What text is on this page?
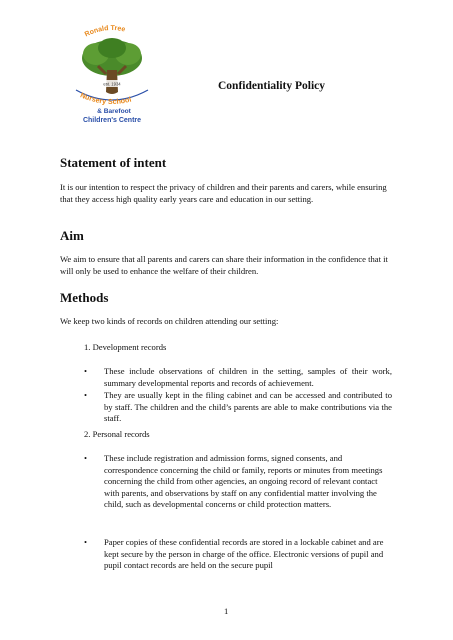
Ronald Tree
est. 1934
Nursery School
& Barefoot
Children's Centre
Confidentiality Policy
Statement of intent

It is our intention to respect the privacy of children and their parents and carers, while ensuring that they access high quality early years care and education in our setting.

Aim

We aim to ensure that all parents and carers can share their information in the confidence that it will only be used to enhance the welfare of their children.

Methods

We keep two kinds of records on children attending our setting:

1. Development records
• These include observations of children in the setting, samples of their work, summary developmental reports and records of achievement.
• They are usually kept in the filing cabinet and can be accessed and contributed to by staff. The children and the child’s parents are able to make contributions via the staff.
2. Personal records
• These include registration and admission forms, signed consents, and correspondence concerning the child or family, reports or minutes from meetings concerning the child from other agencies, an ongoing record of relevant contact with parents, and observations by staff on any confidential matter involving the child, such as developmental concerns or child protection matters.
• Paper copies of these confidential records are stored in a lockable cabinet and are kept secure by the person in charge of the office. Electronic versions of pupil and pupil contact records are held on the secure pupil
1
